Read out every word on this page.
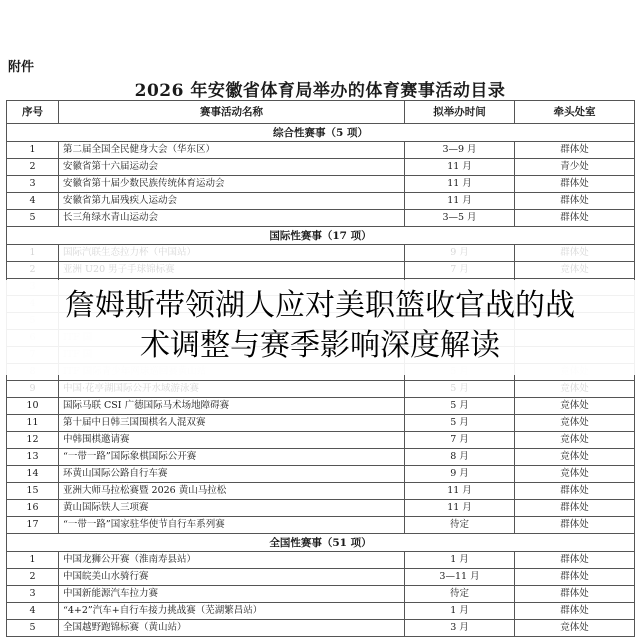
附件
2026 年安徽省体育局举办的体育赛事活动目录
序号	赛事活动名称	拟举办时间	牵头处室
综合性赛事（5 项）			
1	第二届全国全民健身大会（华东区）	3—9 月	群体处
2	安徽省第十六届运动会	11 月	青少处
3	安徽省第十届少数民族传统体育运动会	11 月	群体处
4	安徽省第九届残疾人运动会	11 月	群体处
5	长三角绿水青山运动会	3—5 月	群体处
国际性赛事（17 项）			
1	国际汽联生态拉力杯（中国站）	9 月	群体处
2	亚洲 U20 男子手球锦标赛	7 月	竞体处

9	中国·花亭湖国际公开水域游泳赛	5 月	竞体处
10	国际马联 CSI 广德国际马术场地障碍赛	5 月	竞体处
11	第十届中日韩三国围棋名人混双赛	5 月	竞体处
12	中韩围棋邀请赛	7 月	竞体处
13	“一带一路”国际象棋国际公开赛	8 月	竞体处
14	环黄山国际公路自行车赛	9 月	竞体处
15	亚洲大师马拉松赛暨 2026 黄山马拉松	11 月	群体处
16	黄山国际铁人三项赛	11 月	群体处
17	“一带一路”国家驻华使节自行车系列赛	待定	群体处
全国性赛事（51 项）			
1	中国龙狮公开赛（淮南寿县站）	1 月	群体处
2	中国皖美山水骑行赛	3—11 月	群体处
3	中国新能源汽车拉力赛	待定	群体处
4	“4+2”汽车+自行车接力挑战赛（芜湖繁昌站）	1 月	群体处
5	全国越野跑锦标赛（黄山站）	3 月	竞体处
詹姆斯带领湖人应对美职篮收官战的战
术调整与赛季影响深度解读
